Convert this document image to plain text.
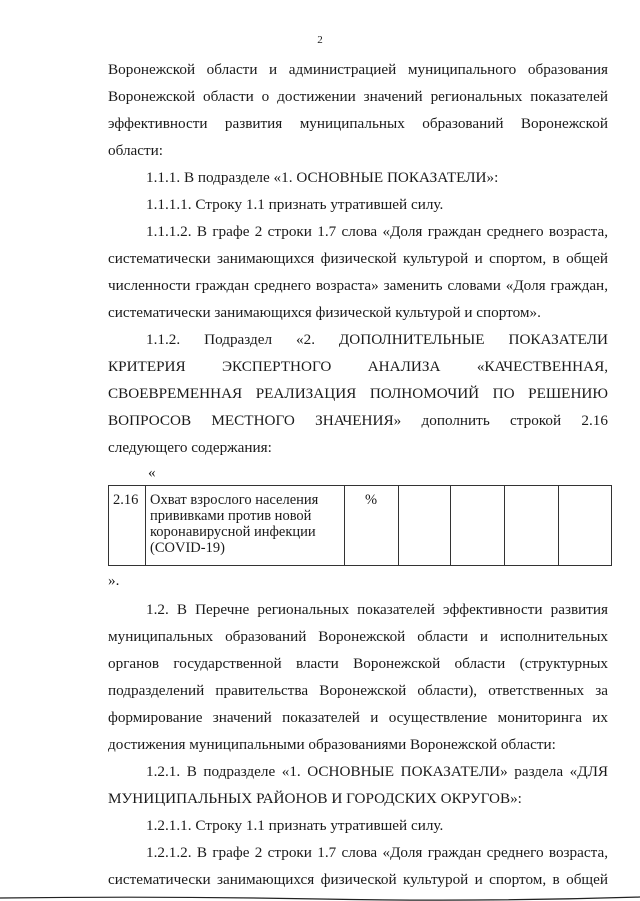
2

Воронежской области и администрацией муниципального образования Воронежской области о достижении значений региональных показателей эффективности развития муниципальных образований Воронежской области:

1.1.1. В подразделе «1. ОСНОВНЫЕ ПОКАЗАТЕЛИ»:

1.1.1.1. Строку 1.1 признать утратившей силу.

1.1.1.2. В графе 2 строки 1.7 слова «Доля граждан среднего возраста, систематически занимающихся физической культурой и спортом, в общей численности граждан среднего возраста» заменить словами «Доля граждан, систематически занимающихся физической культурой и спортом».

1.1.2. Подраздел «2. ДОПОЛНИТЕЛЬНЫЕ ПОКАЗАТЕЛИ КРИТЕРИЯ ЭКСПЕРТНОГО АНАЛИЗА «КАЧЕСТВЕННАЯ, СВОЕВРЕМЕННАЯ РЕАЛИЗАЦИЯ ПОЛНОМОЧИЙ ПО РЕШЕНИЮ ВОПРОСОВ МЕСТНОГО ЗНАЧЕНИЯ» дополнить строкой 2.16 следующего содержания:

«

2.16	Охват взрослого населения прививками против новой коронавирусной инфекции (COVID-19)	%				

».

1.2. В Перечне региональных показателей эффективности развития муниципальных образований Воронежской области и исполнительных органов государственной власти Воронежской области (структурных подразделений правительства Воронежской области), ответственных за формирование значений показателей и осуществление мониторинга их достижения муниципальными образованиями Воронежской области:

1.2.1. В подразделе «1. ОСНОВНЫЕ ПОКАЗАТЕЛИ» раздела «ДЛЯ МУНИЦИПАЛЬНЫХ РАЙОНОВ И ГОРОДСКИХ ОКРУГОВ»:

1.2.1.1. Строку 1.1 признать утратившей силу.

1.2.1.2. В графе 2 строки 1.7 слова «Доля граждан среднего возраста, систематически занимающихся физической культурой и спортом, в общей
